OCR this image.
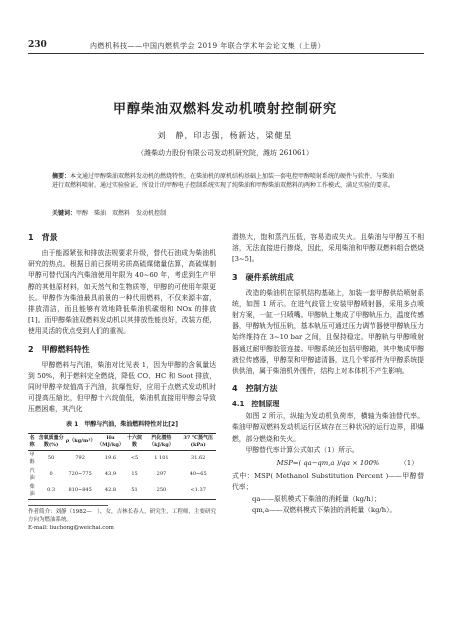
230	内燃机科技——中国内燃机学会 2019 年联合学术年会论文集（上册）
甲醇柴油双燃料发动机喷射控制研究
刘　静，印志强，杨新达，梁健星
（潍柴动力股份有限公司发动机研究院，潍坊 261061）
摘要：本文通过甲醇柴油双燃料发动机的燃烧特性，在柴油机的原机结构基础上加装一套电控甲醇喷射系统的硬件与软件，与柴油进行双燃料喷射。通过实验验证，所设计的甲醇电子控制系统实现了纯柴油和甲醇柴油双燃料的两种工作模式，满足实验的要求。
关键词：甲醇　柴油　双燃料　发动机控制
1　背景

由于能源紧张和排放法规要求升级，替代石油成为柴油机研究的热点。根据日前已探明劣质高硫煤储量估算，高硫煤制甲醇可替代国内汽柴油使用年限为 40~60 年，考虑到生产甲醇的其他原材料，如天然气和生物质等，甲醇的可使用年限更长。甲醇作为柴油最具前景的一种代用燃料，不仅来源丰富，排放清洁，而且能够有效地降低柴油机碳烟和 NOx 的排放[1]。而甲醇柴油双燃料发动机以其排放性能良好，改装方便，使用灵活的优点受到人们的重视。

2　甲醇燃料特性

甲醇燃料与汽油，柴油对比见表 1，因为甲醇的含氧量达到 50%，利于燃料完全燃烧，降低 CO、HC 和 Soot 排放，同时甲醇辛烷值高于汽油，抗爆性好，应用于点燃式发动机时可提高压缩比，但甲醇十六烷值低，柴油机直接用甲醇会导致压燃困难，其汽化

表 1　甲醇与汽油，柴油燃料特性对比[2]
名称	含氧质量分数(%)	ρ（kg/m³）	Hu（MJ/kg）	十六烷数	汽化潜热（kJ/kg）	37 ℃蒸气压(kPa)
甲醇	50	792	19.6	<5	1 101	31.62
汽油	0	720~775	43.9	15	297	40~65
柴油	0.3	810~845	42.8	51	250	<1.37
作者简介：刘静（1982—　），女，吉林长春人，研究生，工程师，主要研究方向为燃油系统。
E-mail: liuchong@weichai.com

潜热大，饱和蒸汽压低，容易造成失火。且柴油与甲醇互不相溶，无法直接进行掺烧，因此，采用柴油和甲醇双燃料组合燃烧[3~5]。

3　硬件系统组成

改造的柴油机在原机结构基础上，加装一套甲醇供给喷射系统，如图 1 所示。在进气歧管上安装甲醇喷射器，采用多点喷射方案，一缸一只喷嘴。甲醇轨上集成了甲醇轨压力，温度传感器，甲醇轨为恒压轨，基本轨压可通过压力调节器使甲醇轨压力始终维持在 3~10 bar 之间，且保持稳定。甲醇轨与甲醇喷射器通过耐甲醇胶管连接。甲醇系统还包括甲醇箱，其中集成甲醇液位传感器，甲醇泵和甲醇滤清器，这几个零部件为甲醇系统提供供油，属于柴油机外围件，结构上对本体机不产生影响。

4　控制方法
4.1　控制原理

如图 2 所示，纵轴为发动机负荷率，横轴为柴油替代率。柴油甲醇双燃料发动机运行区域存在三种状况的运行边界，即爆燃，部分燃烧和失火。

甲醇替代率计算公式如式（1）所示。

MSP=( qa−qm,a )/qa × 100%	（1）

式中：MSP( Methanol Substitution Percent )——甲醇替代率；

qa——原机模式下柴油的消耗量（kg/h）；
qm,a——双燃料模式下柴油的消耗量（kg/h）。
